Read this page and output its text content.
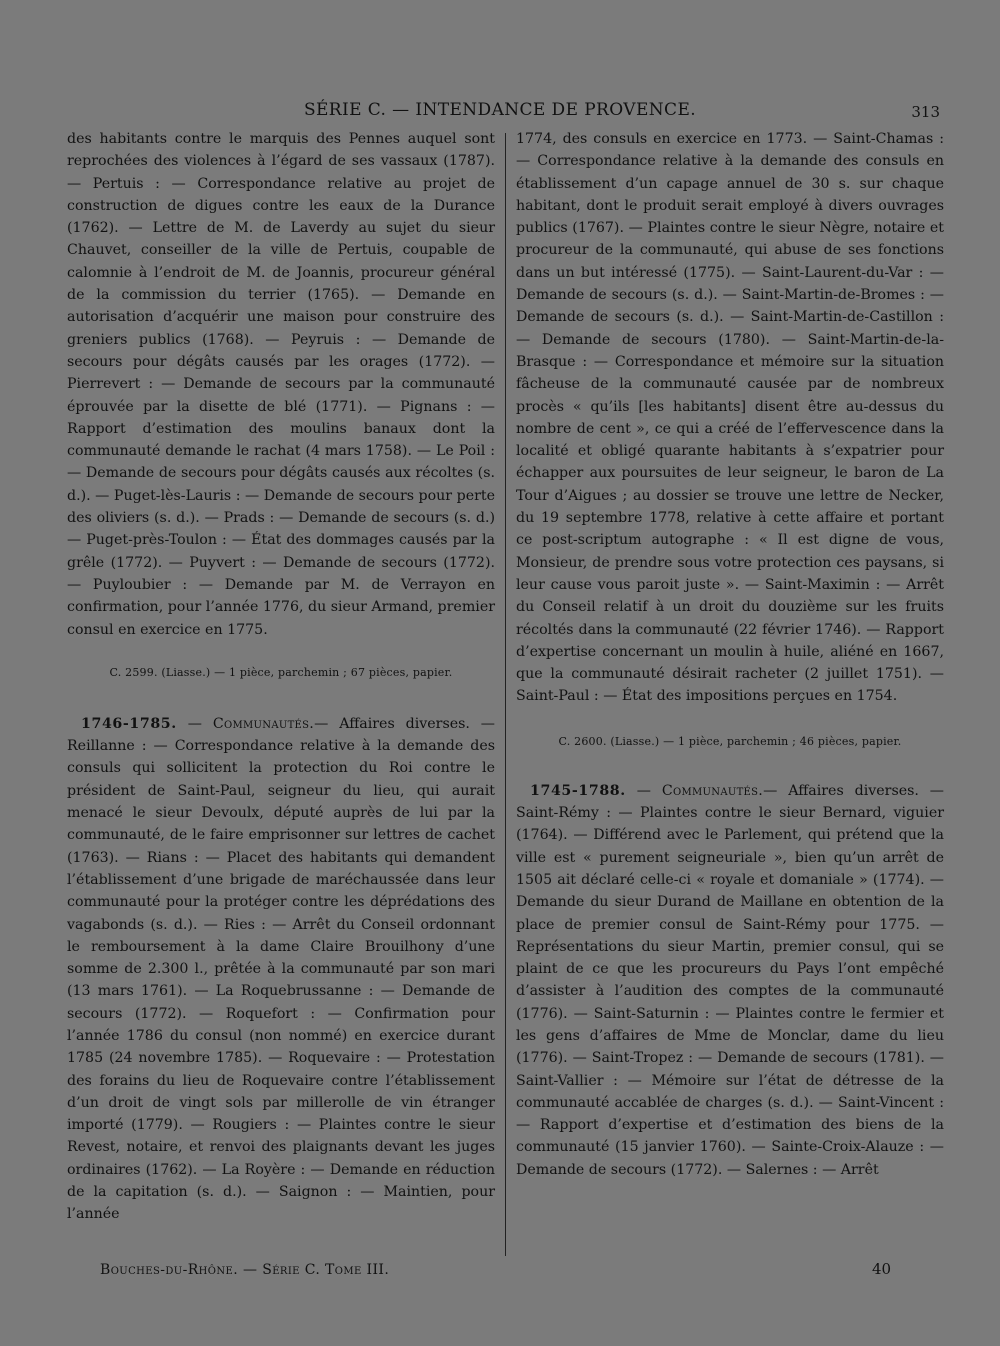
SÉRIE C. — INTENDANCE DE PROVENCE.	313

des habitants contre le marquis des Pennes auquel sont reprochées des violences à l’égard de ses vassaux (1787). — Pertuis : — Correspondance relative au projet de construction de digues contre les eaux de la Durance (1762). — Lettre de M. de Laverdy au sujet du sieur Chauvet, conseiller de la ville de Pertuis, coupable de calomnie à l’endroit de M. de Joannis, procureur général de la commission du terrier (1765). — Demande en autorisation d’acquérir une maison pour construire des greniers publics (1768). — Peyruis : — Demande de secours pour dégâts causés par les orages (1772). — Pierrevert : — Demande de secours par la communauté éprouvée par la disette de blé (1771). — Pignans : — Rapport d’estimation des moulins banaux dont la communauté demande le rachat (4 mars 1758). — Le Poil : — Demande de secours pour dégâts causés aux récoltes (s. d.). — Puget-lès-Lauris : — Demande de secours pour perte des oliviers (s. d.). — Prads : — Demande de secours (s. d.) — Puget-près-Toulon : — État des dommages causés par la grêle (1772). — Puyvert : — Demande de secours (1772). — Puyloubier : — Demande par M. de Verrayon en confirmation, pour l’année 1776, du sieur Armand, premier consul en exercice en 1775.

C. 2599. (Liasse.) — 1 pièce, parchemin ; 67 pièces, papier.

1746-1785. — Communautés.— Affaires diverses. — Reillanne : — Correspondance relative à la demande des consuls qui sollicitent la protection du Roi contre le président de Saint-Paul, seigneur du lieu, qui aurait menacé le sieur Devoulx, député auprès de lui par la communauté, de le faire emprisonner sur lettres de cachet (1763). — Rians : — Placet des habitants qui demandent l’établissement d’une brigade de maréchaussée dans leur communauté pour la protéger contre les déprédations des vagabonds (s. d.). — Ries : — Arrêt du Conseil ordonnant le remboursement à la dame Claire Brouilhony d’une somme de 2.300 l., prêtée à la communauté par son mari (13 mars 1761). — La Roquebrussanne : — Demande de secours (1772). — Roquefort : — Confirmation pour l’année 1786 du consul (non nommé) en exercice durant 1785 (24 novembre 1785). — Roquevaire : — Protestation des forains du lieu de Roquevaire contre l’établissement d’un droit de vingt sols par millerolle de vin étranger importé (1779). — Rougiers : — Plaintes contre le sieur Revest, notaire, et renvoi des plaignants devant les juges ordinaires (1762). — La Royère : — Demande en réduction de la capitation (s. d.). — Saignon : — Maintien, pour l’année

1774, des consuls en exercice en 1773. — Saint-Chamas : — Correspondance relative à la demande des consuls en établissement d’un capage annuel de 30 s. sur chaque habitant, dont le produit serait employé à divers ouvrages publics (1767). — Plaintes contre le sieur Nègre, notaire et procureur de la communauté, qui abuse de ses fonctions dans un but intéressé (1775). — Saint-Laurent-du-Var : — Demande de secours (s. d.). — Saint-Martin-de-Bromes : — Demande de secours (s. d.). — Saint-Martin-de-Castillon : — Demande de secours (1780). — Saint-Martin-de-la-Brasque : — Correspondance et mémoire sur la situation fâcheuse de la communauté causée par de nombreux procès « qu’ils [les habitants] disent être au-dessus du nombre de cent », ce qui a créé de l’effervescence dans la localité et obligé quarante habitants à s’expatrier pour échapper aux poursuites de leur seigneur, le baron de La Tour d’Aigues ; au dossier se trouve une lettre de Necker, du 19 septembre 1778, relative à cette affaire et portant ce post-scriptum autographe : « Il est digne de vous, Monsieur, de prendre sous votre protection ces paysans, si leur cause vous paroit juste ». — Saint-Maximin : — Arrêt du Conseil relatif à un droit du douzième sur les fruits récoltés dans la communauté (22 février 1746). — Rapport d’expertise concernant un moulin à huile, aliéné en 1667, que la communauté désirait racheter (2 juillet 1751). — Saint-Paul : — État des impositions perçues en 1754.

C. 2600. (Liasse.) — 1 pièce, parchemin ; 46 pièces, papier.

1745-1788. — Communautés.— Affaires diverses. — Saint-Rémy : — Plaintes contre le sieur Bernard, viguier (1764). — Différend avec le Parlement, qui prétend que la ville est « purement seigneuriale », bien qu’un arrêt de 1505 ait déclaré celle-ci « royale et domaniale » (1774). — Demande du sieur Durand de Maillane en obtention de la place de premier consul de Saint-Rémy pour 1775. — Représentations du sieur Martin, premier consul, qui se plaint de ce que les procureurs du Pays l’ont empêché d’assister à l’audition des comptes de la communauté (1776). — Saint-Saturnin : — Plaintes contre le fermier et les gens d’affaires de Mme de Monclar, dame du lieu (1776). — Saint-Tropez : — Demande de secours (1781). — Saint-Vallier : — Mémoire sur l’état de détresse de la communauté accablée de charges (s. d.). — Saint-Vincent : — Rapport d’expertise et d’estimation des biens de la communauté (15 janvier 1760). — Sainte-Croix-Alauze : — Demande de secours (1772). — Salernes : — Arrêt

Bouches-du-Rhône. — Série C. Tome III.	40
